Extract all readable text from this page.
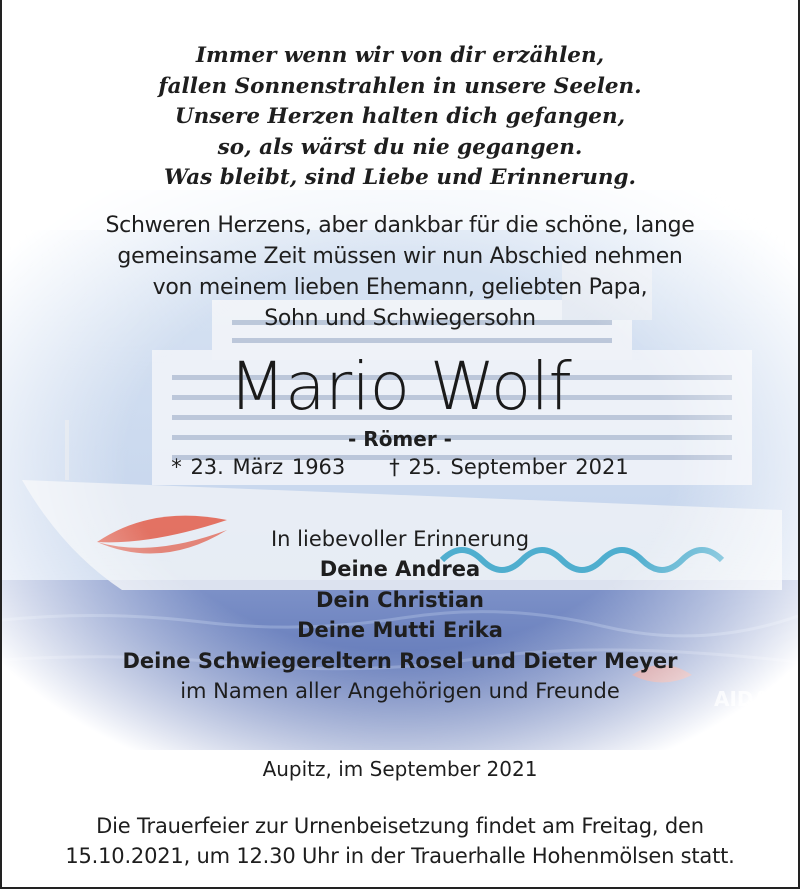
Immer wenn wir von dir erzählen,
fallen Sonnenstrahlen in unsere Seelen.
Unsere Herzen halten dich gefangen,
so, als wärst du nie gegangen.
Was bleibt, sind Liebe und Erinnerung.
Schweren Herzens, aber dankbar für die schöne, lange
gemeinsame Zeit müssen wir nun Abschied nehmen
von meinem lieben Ehemann, geliebten Papa,
Sohn und Schwiegersohn
Mario Wolf
- Römer -
* 23. März 1963 † 25. September 2021
In liebevoller Erinnerung
Deine Andrea
Dein Christian
Deine Mutti Erika
Deine Schwiegereltern Rosel und Dieter Meyer
im Namen aller Angehörigen und Freunde
Aupitz, im September 2021
Die Trauerfeier zur Urnenbeisetzung findet am Freitag, den
15.10.2021, um 12.30 Uhr in der Trauerhalle Hohenmölsen statt.
